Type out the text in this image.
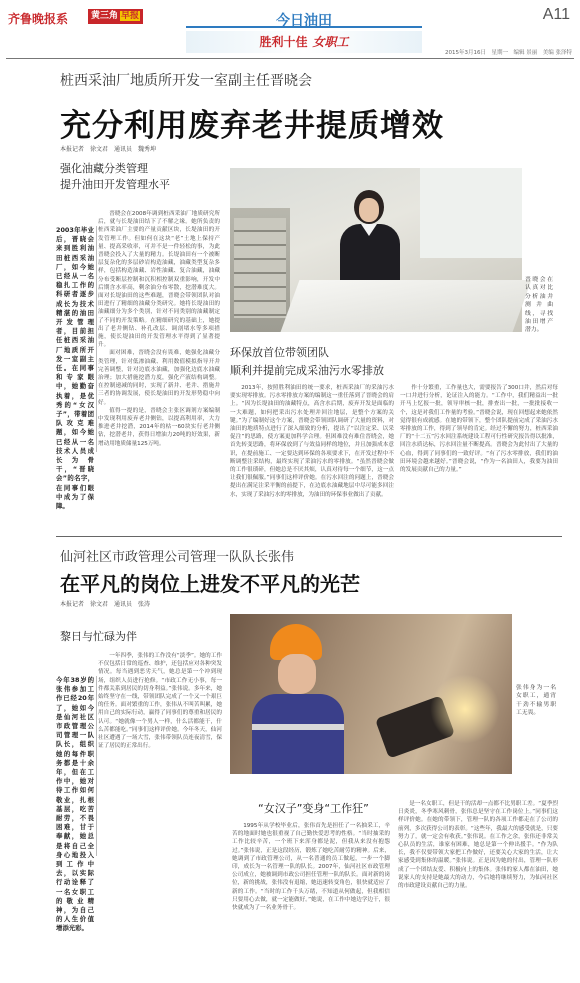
齐鲁晚报系	黄三角 早报	今日油田
胜利十佳 女职工
A11
2015年3月16日　星期一　编辑 景丽　美编 张泽特
桩西采油厂地质所开发一室副主任晋晓会
充分利用废弃老井提质增效
本报记者　徐文君　通讯员　魏秀坤
强化油藏分类管理
提升油田开发管理水平
2003年毕业后，晋晓会来到胜利油田桩西采油厂，如今她已经从一名稳扎工作的科研者逐步成长为技术精湛的油田开发管理者，目前担任桩西采油厂地质所开发一室副主任。在同事和专家眼中，她勤奋执着，是优秀的“女汉子”，带着团队攻克难题，如今她已经从一名技术人员成长为骨干，“晋晓会”的名字，在同事们眼中成为了保障。

晋晓会在2008年调到桩西采油厂地质研究所后，就与长堤油田结下了不解之缘。她所负责的桩西采油厂主要的产量贡献区块，长堤油田的开发管理工作。但如何在这块“老”土地上保持产量、提高采收率，可并不是一件轻松的事，为此晋晓会投入了大量的精力。长堤油田有一个被断层复杂化的多层砂岩构造油藏，油藏类型复杂多样，包括构造油藏、岩性油藏、复合油藏，油藏分布受断层控制和沉积相控制双重影响，开发中后期含水率高，剩余油分布零散，挖潜难度大。面对长堤油田的这些难题，晋晓会带领团队对油田进行了精细的油藏分类研究。她将长堤油田的油藏细分为多个类别，针对不同类别的油藏制定了不同的开发策略。在精细研究的基础上，她提出了老井侧钻、补孔改层、调剖堵水等多项措施，使长堤油田的开发管理水平得到了显著提升。

面对困难，晋晓会没有畏难，她强化油藏分类管理，针对低渗油藏、利用数值模拟指导开井完善调整，针对边底水油藏，加强化边底水油藏治理；加大措施挖潜力度，强化产液结构调整。在控制递减的同时，实现了新井、老井、措施井三者的协调发展，使长堤油田的开发形势稳中向好。

值得一提的是，晋晓会主张区调剂方案编制中发现利用废弃老井侧钻，以提高利用率，大力推进老井挖潜，2014年的枯一60块实行老井侧钻，挖潜老井，获得日增油力20吨的好效果，新增动用地质储量125万吨。

晋晓会在认真对比分析油井测井曲线，寻找油田增产潜力。
环保放首位带领团队
顺利并提前完成采油污水零排放

2013年，按照胜利油田的统一要求，桩西采油厂的采油污水要实现零排放。污水零排放方案的编制这一重任落到了晋晓会的肩上。“因为长堤油田的油藏特点，高含水后期，废弃开发是面临的一大难题，如何把采出污水处理并回注地层，是整个方案的关键。”为了编制好这个方案，晋晓会带领团队调研了大量的资料，对油田的地质特点进行了深入细致的分析，提出了“以注定采、以采促注”的思路，使方案更加科学合理。但困难没有难住晋晓会，她首先转变思路，将环保放到了与效益同样的地位，并且加强成本意识，在提前施工、一定要达到环保的各项要求下，在开发过程中不断调整注采结构，最终实现了采油污水的零排放。“虽然晋晓会做的工作很琐碎，但她总是不厌其烦，认真对待每一个细节，这一点让我们很佩服。”同事们这样评价她。在污水回注的问题上，晋晓会提出在满足注采平衡的前提下，在边底水油藏地层中尽可能多回注水，实现了采油污水的零排放，为油田的环保事业做出了贡献。

作十分繁重，工作量也大，需要报告了300口井，然后对每一口井进行分析，论证注入的能力。“工作中，我们精益出一批开马上忆报一批，领导审核一批，排查出一批，一批批接收一个，这是对我们工作量的考验。”晋晓会说，现在回想起来她依然觉得很有成就感。在她的带领下，整个团队提前完成了采油污水零排放的工作，得到了领导的肯定。经过不懈的努力，桩西采油厂的“十二五”污水回注系统建设工程可行性研究报告得以批准，回注水质达标，污水回注量不断提高。晋晓会为此付出了大量的心血，得到了同事们的一致好评。“有了污水零排放，我们的油田环境会越来越好。”晋晓会说，“作为一名油田人，我要为油田的发展贡献自己的力量。”

仙河社区市政管理公司管理一队队长张伟
在平凡的岗位上进发不平凡的光芒
本报记者　徐文君　通讯员　张涛
黎日与忙碌为伴
今年38岁的张伟参加工作已经20年了，她如今是仙河社区市政管理公司管理一队队长，组织她的每件职务都是十余年，但在工作中，她对待工作如何敬业，扎根基层，吃苦耐劳，不畏困难，甘于奉献，她总是将自己全身心地投入到工作中去，以实际行动诠释了一名女职工的敬业精神，为自己的人生价值增添光彩。

一年四季，张伟的工作没有“淡季”。她的工作不仅包括日常的巡查、维护，还包括应对各种突发情况。每当遇到恶劣天气，她总是第一个冲到现场，组织人员进行抢修。“市政工作无小事，每一件都关系到居民的切身利益。”张伟说。多年来，她始终坚守在一线，带领团队完成了一个又一个艰巨的任务。面对繁重的工作，张伟从不叫苦叫累，她用自己的实际行动，赢得了同事们的尊重和居民的认可。“她就像一个男人一样，什么活都能干，什么苦都能吃。”同事们这样评价她。今年冬天，仙河社区遭遇了一场大雪，张伟带领队员连夜清雪，保证了居民的正常出行。

张伟身为一名女职工，通宵干劲不输男职工无畏。
“女汉子”变身“工作狂”

1995年从学校毕业后，张伟首先是担任了一名抽采工，辛苦的地面时她也很重视了自己勤快爱思考的性格。“当时抽采的工作比较辛苦，一个班下来浑身都是泥，但我从来没有抱怨过。”张伟说，正是这段经历，锻炼了她吃苦耐劳的精神。后来，她调到了市政管理公司，从一名普通的员工做起，一步一个脚印，成长为一名管理一队的队长。2007年，仙河社区市政管理公司成立，她被调到市政公司担任管理一队的队长。面对新的岗位，新的挑战，张伟没有退缩，她迅速转变角色，很快就适应了新的工作。“当时的工作千头万绪，不知道从何做起，但我相信只要用心去做，就一定能做好。”她说，在工作中她边学边干，很快就成为了一名业务骨干。

是一名女职工，但是干的活却一点都不比男职工差。“夏季烈日炎炎，冬季寒风刺骨，张伟总是坚守在工作岗位上。”同事们这样评价她。在她的带领下，管理一队的各项工作都走在了公司的前列，多次获得公司的表彰。“这些年，我最大的感受就是，只要努力了，就一定会有收获。”张伟说。在工作之余，张伟还非常关心队员的生活，谁家有困难，她总是第一个伸出援手。“作为队长，我不仅要带领大家把工作做好，还要关心大家的生活，让大家感受到集体的温暖。”张伟说。正是因为她的付出，管理一队形成了一个团结友爱、积极向上的集体。张伟的家人都在油田，她说家人的支持是她最大的动力，今后她将继续努力，为仙河社区的市政建设贡献自己的力量。
